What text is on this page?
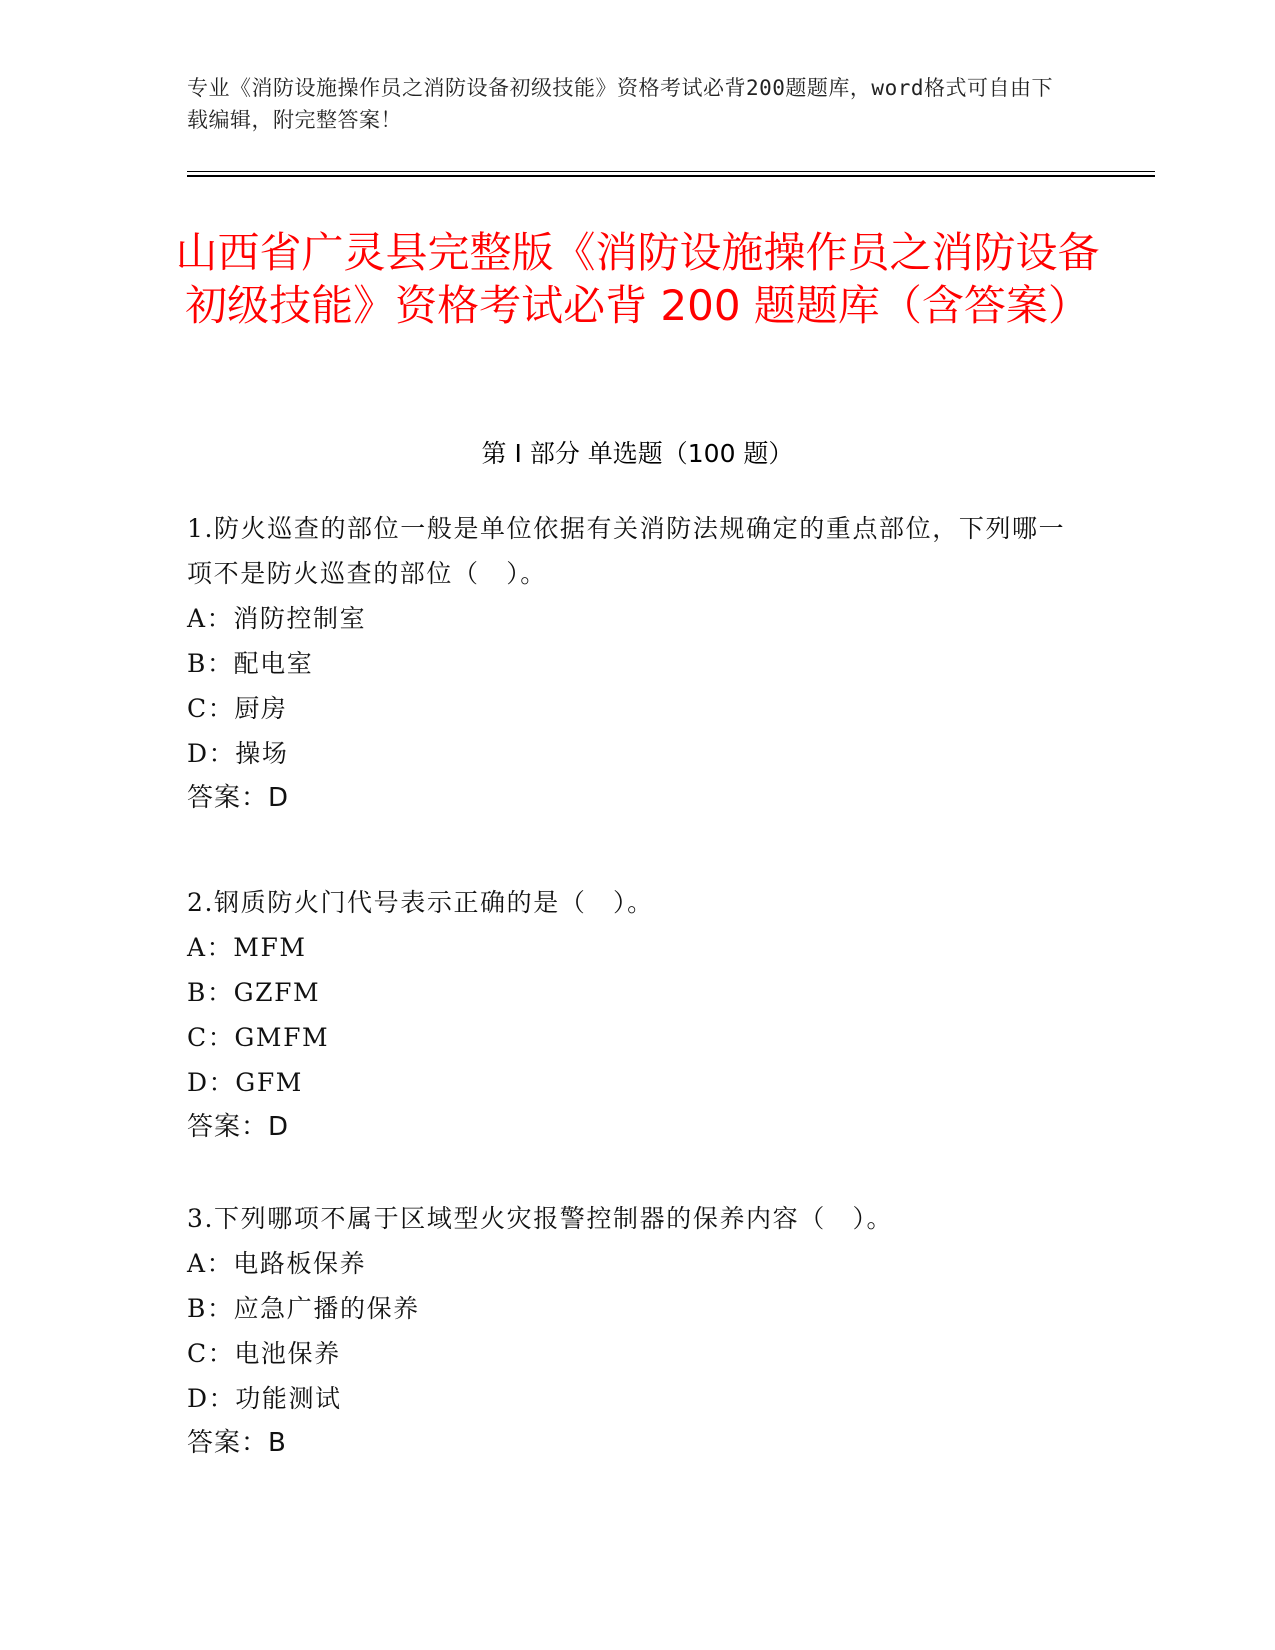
专业《消防设施操作员之消防设备初级技能》资格考试必背200题题库，word格式可自由下载编辑，附完整答案！
山西省广灵县完整版《消防设施操作员之消防设备初级技能》资格考试必背 200 题题库（含答案）
第 I 部分 单选题（100 题）
1.防火巡查的部位一般是单位依据有关消防法规确定的重点部位，下列哪一项不是防火巡查的部位（　）。
A：消防控制室
B：配电室
C：厨房
D：操场
答案：D
2.钢质防火门代号表示正确的是（　）。
A：MFM
B：GZFM
C：GMFM
D：GFM
答案：D
3.下列哪项不属于区域型火灾报警控制器的保养内容（　）。
A：电路板保养
B：应急广播的保养
C：电池保养
D：功能测试
答案：B
